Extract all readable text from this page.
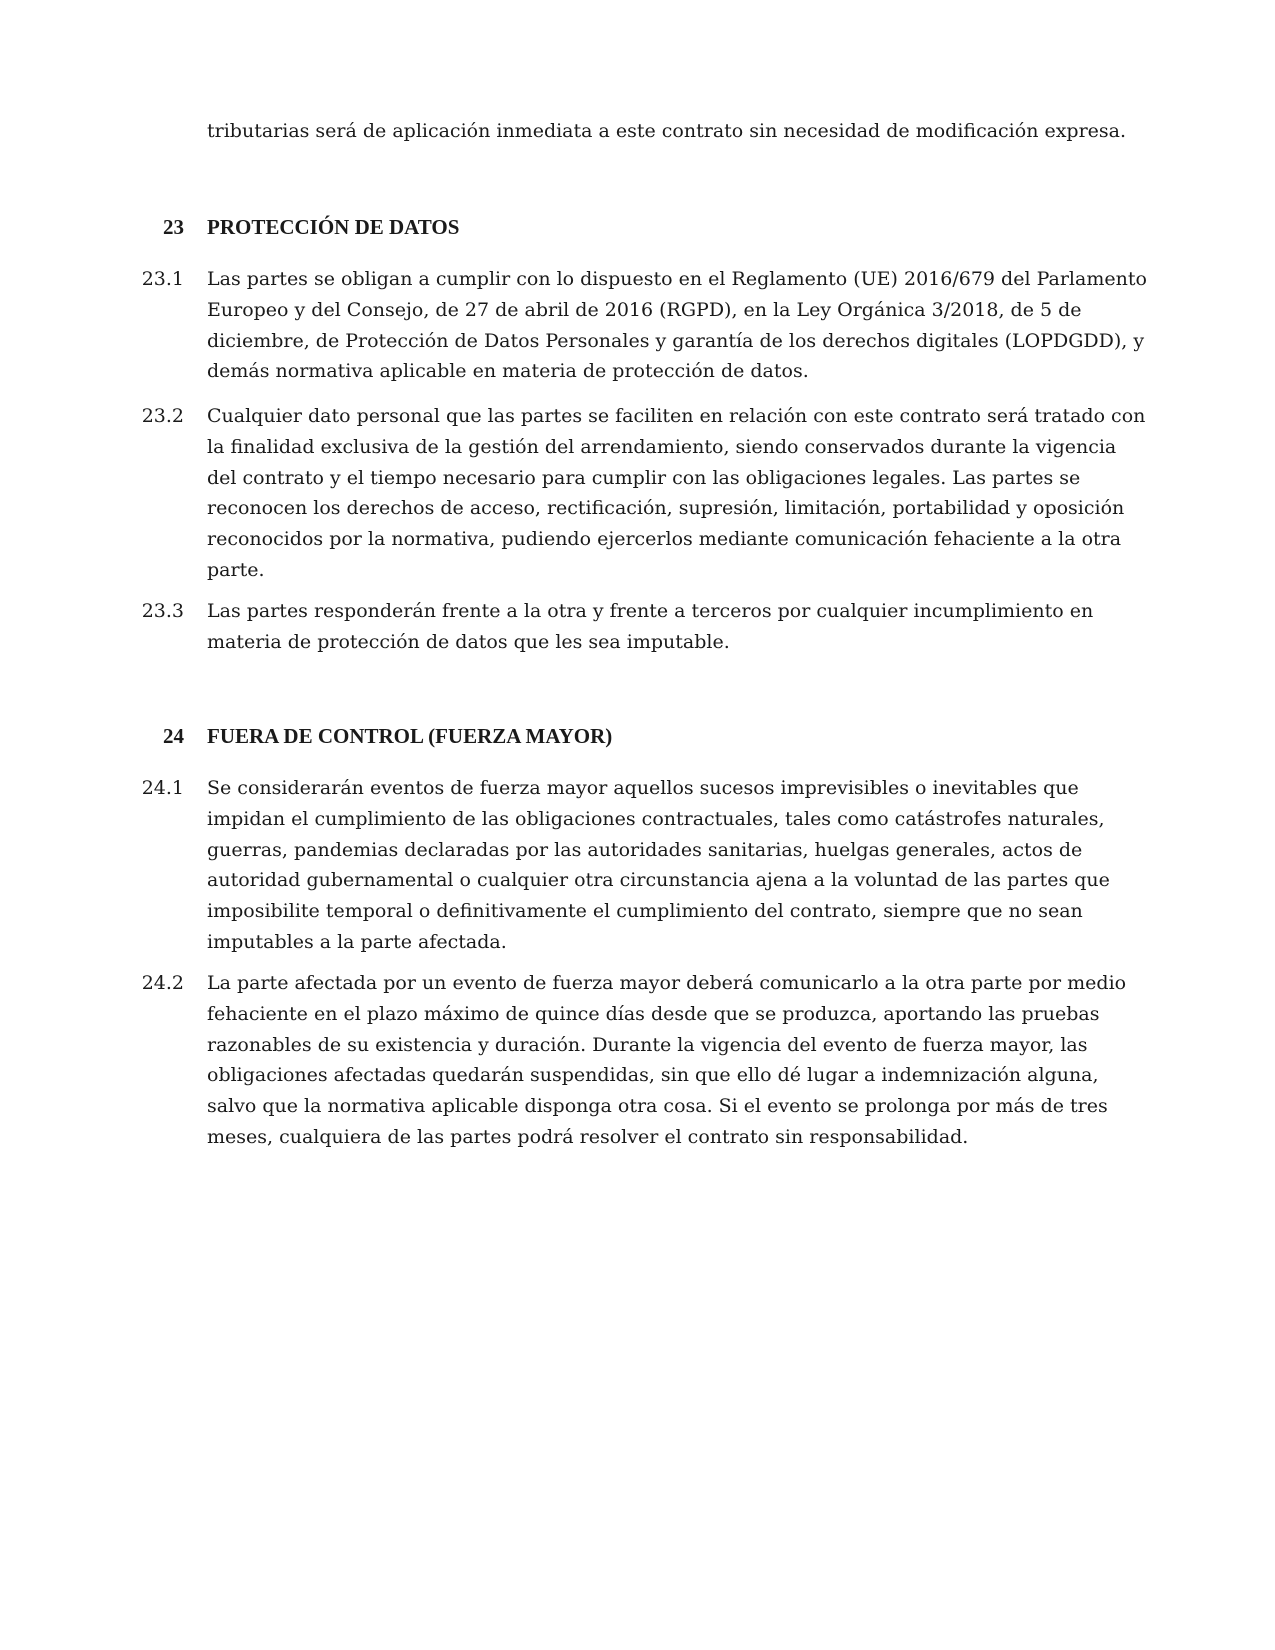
tributarias será de aplicación inmediata a este contrato sin necesidad de modificación expresa.

23 PROTECCIÓN DE DATOS
23.1 Las partes se obligan a cumplir con lo dispuesto en el Reglamento (UE) 2016/679 del Parlamento Europeo y del Consejo, de 27 de abril de 2016 (RGPD), en la Ley Orgánica 3/2018, de 5 de diciembre, de Protección de Datos Personales y garantía de los derechos digitales (LOPDGDD), y demás normativa aplicable en materia de protección de datos.

23.2 Cualquier dato personal que las partes se faciliten en relación con este contrato será tratado con la finalidad exclusiva de la gestión del arrendamiento, siendo conservados durante la vigencia del contrato y el tiempo necesario para cumplir con las obligaciones legales. Las partes se reconocen los derechos de acceso, rectificación, supresión, limitación, portabilidad y oposición reconocidos por la normativa, pudiendo ejercerlos mediante comunicación fehaciente a la otra parte.

23.3 Las partes responderán frente a la otra y frente a terceros por cualquier incumplimiento en materia de protección de datos que les sea imputable.

24 FUERA DE CONTROL (FUERZA MAYOR)
24.1 Se considerarán eventos de fuerza mayor aquellos sucesos imprevisibles o inevitables que impidan el cumplimiento de las obligaciones contractuales, tales como catástrofes naturales, guerras, pandemias declaradas por las autoridades sanitarias, huelgas generales, actos de autoridad gubernamental o cualquier otra circunstancia ajena a la voluntad de las partes que imposibilite temporal o definitivamente el cumplimiento del contrato, siempre que no sean imputables a la parte afectada.

24.2 La parte afectada por un evento de fuerza mayor deberá comunicarlo a la otra parte por medio fehaciente en el plazo máximo de quince días desde que se produzca, aportando las pruebas razonables de su existencia y duración. Durante la vigencia del evento de fuerza mayor, las obligaciones afectadas quedarán suspendidas, sin que ello dé lugar a indemnización alguna, salvo que la normativa aplicable disponga otra cosa. Si el evento se prolonga por más de tres meses, cualquiera de las partes podrá resolver el contrato sin responsabilidad.
